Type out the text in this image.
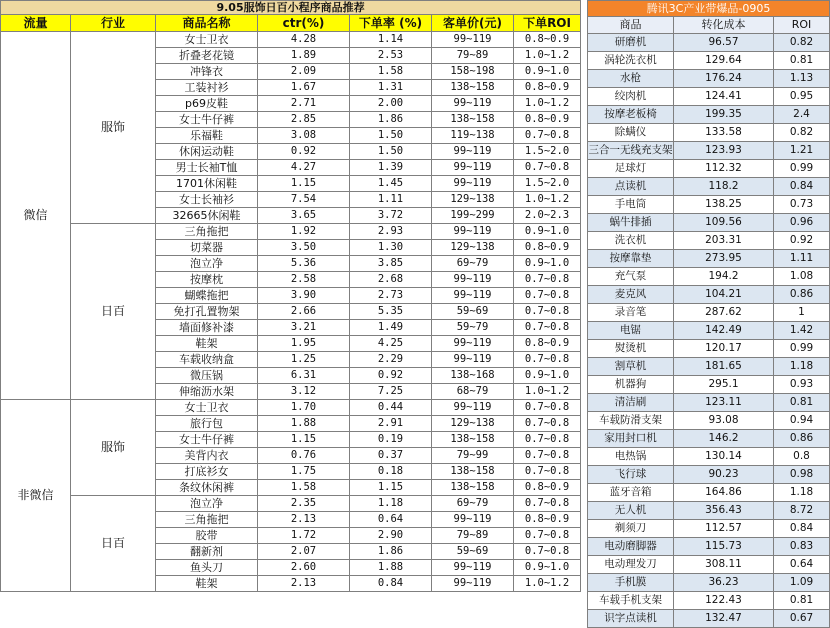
9.05服饰日百小程序商品推荐						
流量	行业	商品名称	ctr(%)	下单率 (%)	客单价(元)	下单ROI
微信	服饰	女士卫衣	4.28	1.14	99~119	0.8~0.9
		折叠老花镜	1.89	2.53	79~89	1.0~1.2
		冲锋衣	2.09	1.58	158~198	0.9~1.0
		工装衬衫	1.67	1.31	138~158	0.8~0.9
		p69皮鞋	2.71	2.00	99~119	1.0~1.2
		女士牛仔裤	2.85	1.86	138~158	0.8~0.9
		乐福鞋	3.08	1.50	119~138	0.7~0.8
		休闲运动鞋	0.92	1.50	99~119	1.5~2.0
		男士长袖T恤	4.27	1.39	99~119	0.7~0.8
		1701休闲鞋	1.15	1.45	99~119	1.5~2.0
		女士长袖衫	7.54	1.11	129~138	1.0~1.2
		32665休闲鞋	3.65	3.72	199~299	2.0~2.3
	日百	三角拖把	1.92	2.93	99~119	0.9~1.0
		切菜器	3.50	1.30	129~138	0.8~0.9
		泡立净	5.36	3.85	69~79	0.9~1.0
		按摩枕	2.58	2.68	99~119	0.7~0.8
		蝴蝶拖把	3.90	2.73	99~119	0.7~0.8
		免打孔置物架	2.66	5.35	59~69	0.7~0.8
		墙面修补漆	3.21	1.49	59~79	0.7~0.8
		鞋架	1.95	4.25	99~119	0.8~0.9
		车载收纳盒	1.25	2.29	99~119	0.7~0.8
		微压锅	6.31	0.92	138~168	0.9~1.0
		伸缩沥水架	3.12	7.25	68~79	1.0~1.2
非微信	服饰	女士卫衣	1.70	0.44	99~119	0.7~0.8
		旅行包	1.88	2.91	129~138	0.7~0.8
		女士牛仔裤	1.15	0.19	138~158	0.7~0.8
		美背内衣	0.76	0.37	79~99	0.7~0.8
		打底衫女	1.75	0.18	138~158	0.7~0.8
		条纹休闲裤	1.58	1.15	138~158	0.8~0.9
	日百	泡立净	2.35	1.18	69~79	0.7~0.8
		三角拖把	2.13	0.64	99~119	0.8~0.9
		胶带	1.72	2.90	79~89	0.7~0.8
		翻新剂	2.07	1.86	59~69	0.7~0.8
		鱼头刀	2.60	1.88	99~119	0.9~1.0
		鞋架	2.13	0.84	99~119	1.0~1.2
腾讯3C产业带爆品-0905		
商品	转化成本	ROI
研磨机	96.57	0.82
涡轮洗衣机	129.64	0.81
水枪	176.24	1.13
绞肉机	124.41	0.95
按摩老板椅	199.35	2.4
除螨仪	133.58	0.82
三合一无线充支架	123.93	1.21
足球灯	112.32	0.99
点读机	118.2	0.84
手电筒	138.25	0.73
蜗牛排插	109.56	0.96
洗衣机	203.31	0.92
按摩靠垫	273.95	1.11
充气泵	194.2	1.08
麦克风	104.21	0.86
录音笔	287.62	1
电锯	142.49	1.42
熨烫机	120.17	0.99
割草机	181.65	1.18
机器狗	295.1	0.93
清洁刷	123.11	0.81
车载防滑支架	93.08	0.94
家用封口机	146.2	0.86
电热锅	130.14	0.8
飞行球	90.23	0.98
蓝牙音箱	164.86	1.18
无人机	356.43	8.72
剃须刀	112.57	0.84
电动磨脚器	115.73	0.83
电动理发刀	308.11	0.64
手机膜	36.23	1.09
车载手机支架	122.43	0.81
识字点读机	132.47	0.67
